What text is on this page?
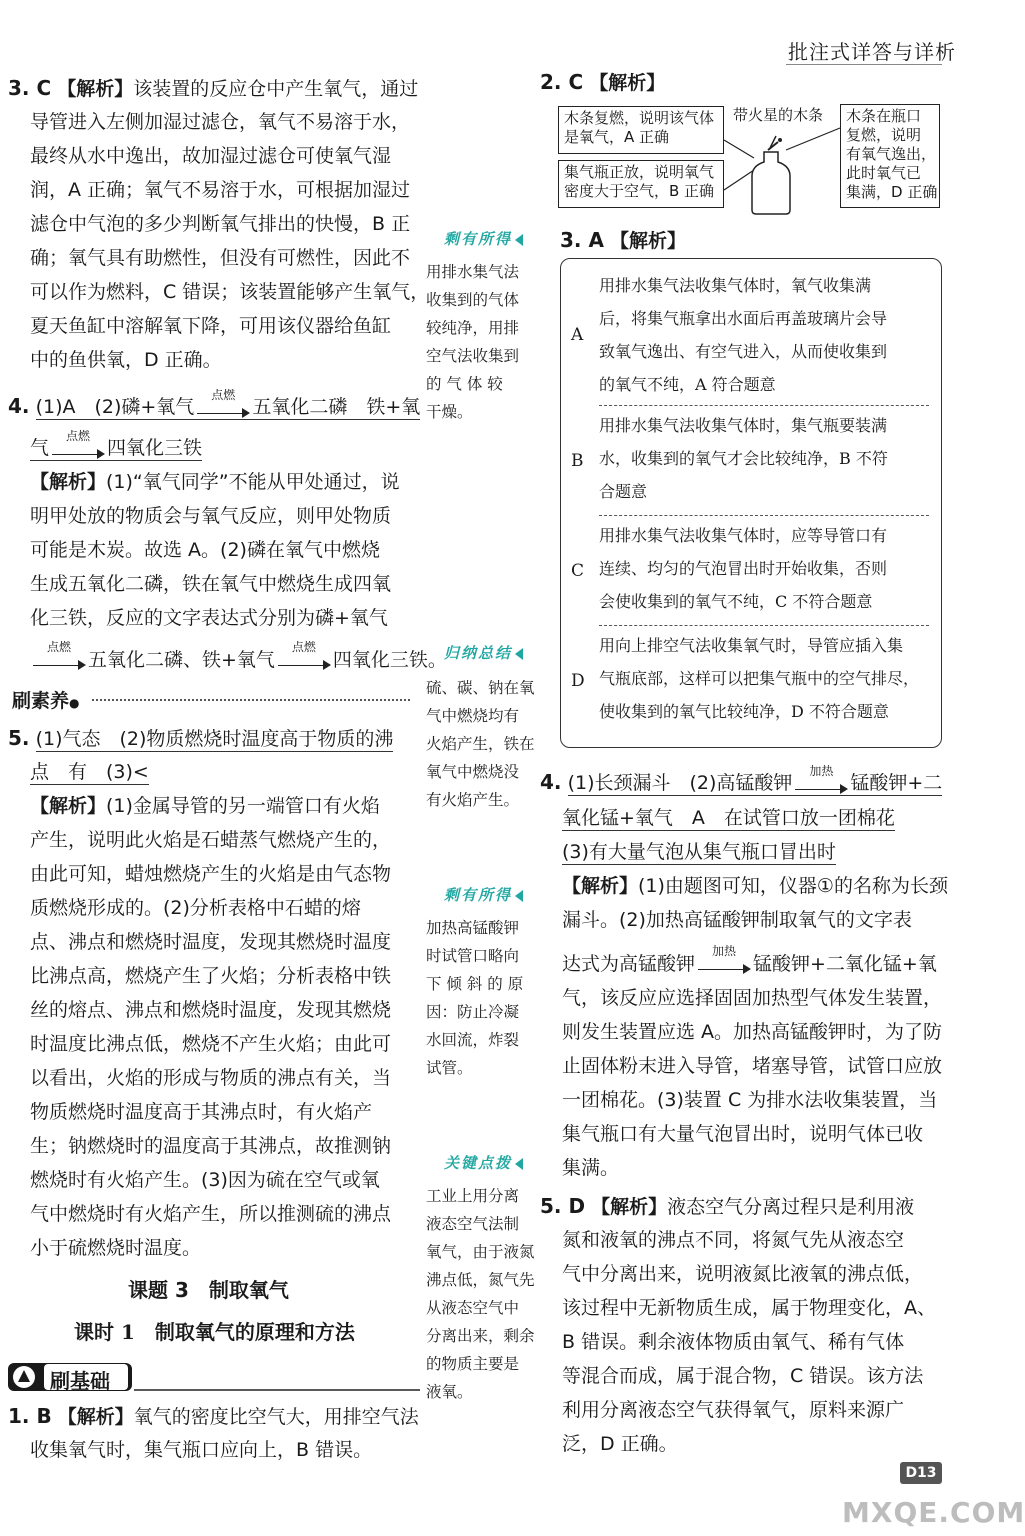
批注式详答与详析
3. C 【解析】该装置的反应仓中产生氧气，通过
导管进入左侧加湿过滤仓，氧气不易溶于水，
最终从水中逸出，故加湿过滤仓可使氧气湿
润，A 正确；氧气不易溶于水，可根据加湿过
滤仓中气泡的多少判断氧气排出的快慢，B 正
确；氧气具有助燃性，但没有可燃性，因此不
可以作为燃料，C 错误；该装置能够产生氧气，
夏天鱼缸中溶解氧下降，可用该仪器给鱼缸
中的鱼供氧，D 正确。
4. (1)A　(2)磷+氧气
点燃
五氧化二磷　铁+氧
气
点燃
四氧化三铁
【解析】(1)“氧气同学”不能从甲处通过，说
明甲处放的物质会与氧气反应，则甲处物质
可能是木炭。故选 A。(2)磷在氧气中燃烧
生成五氧化二磷，铁在氧气中燃烧生成四氧
化三铁，反应的文字表达式分别为磷+氧气
点燃
五氧化二磷、铁+氧气
点燃
四氧化三铁。
刷素养●
5. (1)气态　(2)物质燃烧时温度高于物质的沸
点　有　(3)<
【解析】(1)金属导管的另一端管口有火焰
产生，说明此火焰是石蜡蒸气燃烧产生的，
由此可知，蜡烛燃烧产生的火焰是由气态物
质燃烧形成的。(2)分析表格中石蜡的熔
点、沸点和燃烧时温度，发现其燃烧时温度
比沸点高，燃烧产生了火焰；分析表格中铁
丝的熔点、沸点和燃烧时温度，发现其燃烧
时温度比沸点低，燃烧不产生火焰；由此可
以看出，火焰的形成与物质的沸点有关，当
物质燃烧时温度高于其沸点时，有火焰产
生；钠燃烧时的温度高于其沸点，故推测钠
燃烧时有火焰产生。(3)因为硫在空气或氧
气中燃烧时有火焰产生，所以推测硫的沸点
小于硫燃烧时温度。
课题 3　制取氧气
课时 1　制取氧气的原理和方法
刷基础
1. B 【解析】氧气的密度比空气大，用排空气法
收集氧气时，集气瓶口应向上，B 错误。
剩有所得
用排水集气法
收集到的气体
较纯净，用排
空气法收集到
的 气 体 较
干燥。
归纳总结
硫、碳、钠在氧
气中燃烧均有
火焰产生，铁在
氧气中燃烧没
有火焰产生。
剩有所得
加热高锰酸钾
时试管口略向
下 倾 斜 的 原
因：防止冷凝
水回流，炸裂
试管。
关键点拨
工业上用分离
液态空气法制
氧气，由于液氮
沸点低，氮气先
从液态空气中
分离出来，剩余
的物质主要是
液氧。
2. C 【解析】
木条复燃，说明该气体
是氧气，A 正确
集气瓶正放，说明氧气
密度大于空气，B 正确
木条在瓶口
复燃，说明
有氧气逸出，
此时氧气已
集满，D 正确
带火星的木条
3. A 【解析】
A
用排水集气法收集气体时，氧气收集满
后，将集气瓶拿出水面后再盖玻璃片会导
致氧气逸出、有空气进入，从而使收集到
的氧气不纯，A 符合题意
B
用排水集气法收集气体时，集气瓶要装满
水，收集到的氧气才会比较纯净，B 不符
合题意
C
用排水集气法收集气体时，应等导管口有
连续、均匀的气泡冒出时开始收集，否则
会使收集到的氧气不纯，C 不符合题意
D
用向上排空气法收集氧气时，导管应插入集
气瓶底部，这样可以把集气瓶中的空气排尽，
使收集到的氧气比较纯净，D 不符合题意
4. (1)长颈漏斗　(2)高锰酸钾
加热
锰酸钾+二
氧化锰+氧气　A　在试管口放一团棉花
(3)有大量气泡从集气瓶口冒出时
【解析】(1)由题图可知，仪器①的名称为长颈
漏斗。(2)加热高锰酸钾制取氧气的文字表
达式为高锰酸钾
加热
锰酸钾+二氧化锰+氧
气，该反应应选择固固加热型气体发生装置，
则发生装置应选 A。加热高锰酸钾时，为了防
止固体粉末进入导管，堵塞导管，试管口应放
一团棉花。(3)装置 C 为排水法收集装置，当
集气瓶口有大量气泡冒出时，说明气体已收
集满。
5. D 【解析】液态空气分离过程只是利用液
氮和液氧的沸点不同，将氮气先从液态空
气中分离出来，说明液氮比液氧的沸点低，
该过程中无新物质生成，属于物理变化，A、
B 错误。剩余液体物质由氧气、稀有气体
等混合而成，属于混合物，C 错误。该方法
利用分离液态空气获得氧气，原料来源广
泛，D 正确。
D13
MXQE.COM
